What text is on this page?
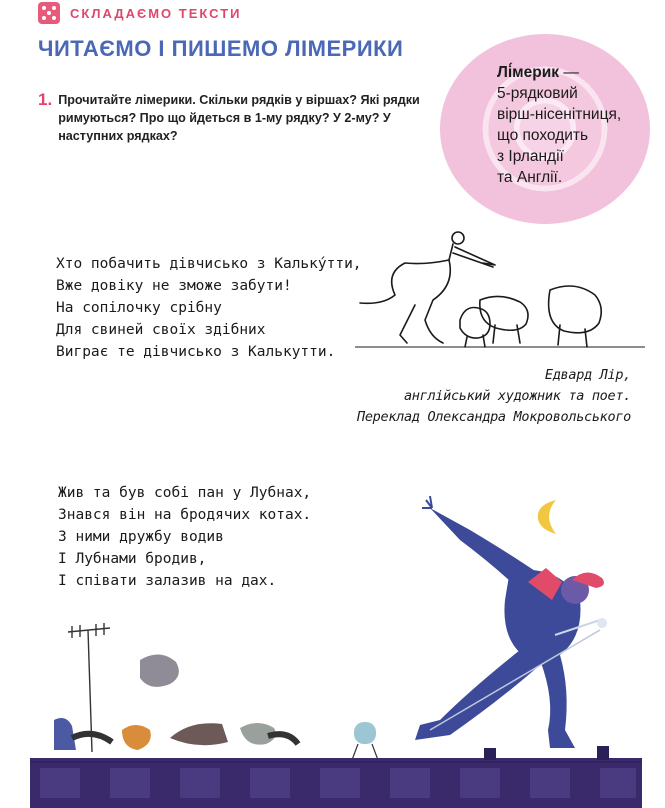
СКЛАДАЄМО ТЕКСТИ
ЧИТАЄМО І ПИШЕМО ЛІМЕРИКИ
1. Прочитайте лімерики. Скільки рядків у віршах? Які рядки римуються? Про що йдеться в 1-му рядку? У 2-му? У наступних рядках?
Лі́мерик —
5-рядковий
вірш-нісенітниця,
що походить
з Ірландії
та Англії.
Хто побачить дівчисько з Калькýтти,
Вже довіку не зможе забути!
На сопілочку срібну
Для свиней своїх здібних
Виграє те дівчисько з Калькутти.
Едвард Лір,
англійський художник та поет.
Переклад Олександра Мокровольського
Жив та був собі пан у Лубнах,
Знався він на бродячих котах.
З ними дружбу водив
І Лубнами бродив,
І співати залазив на дах.
